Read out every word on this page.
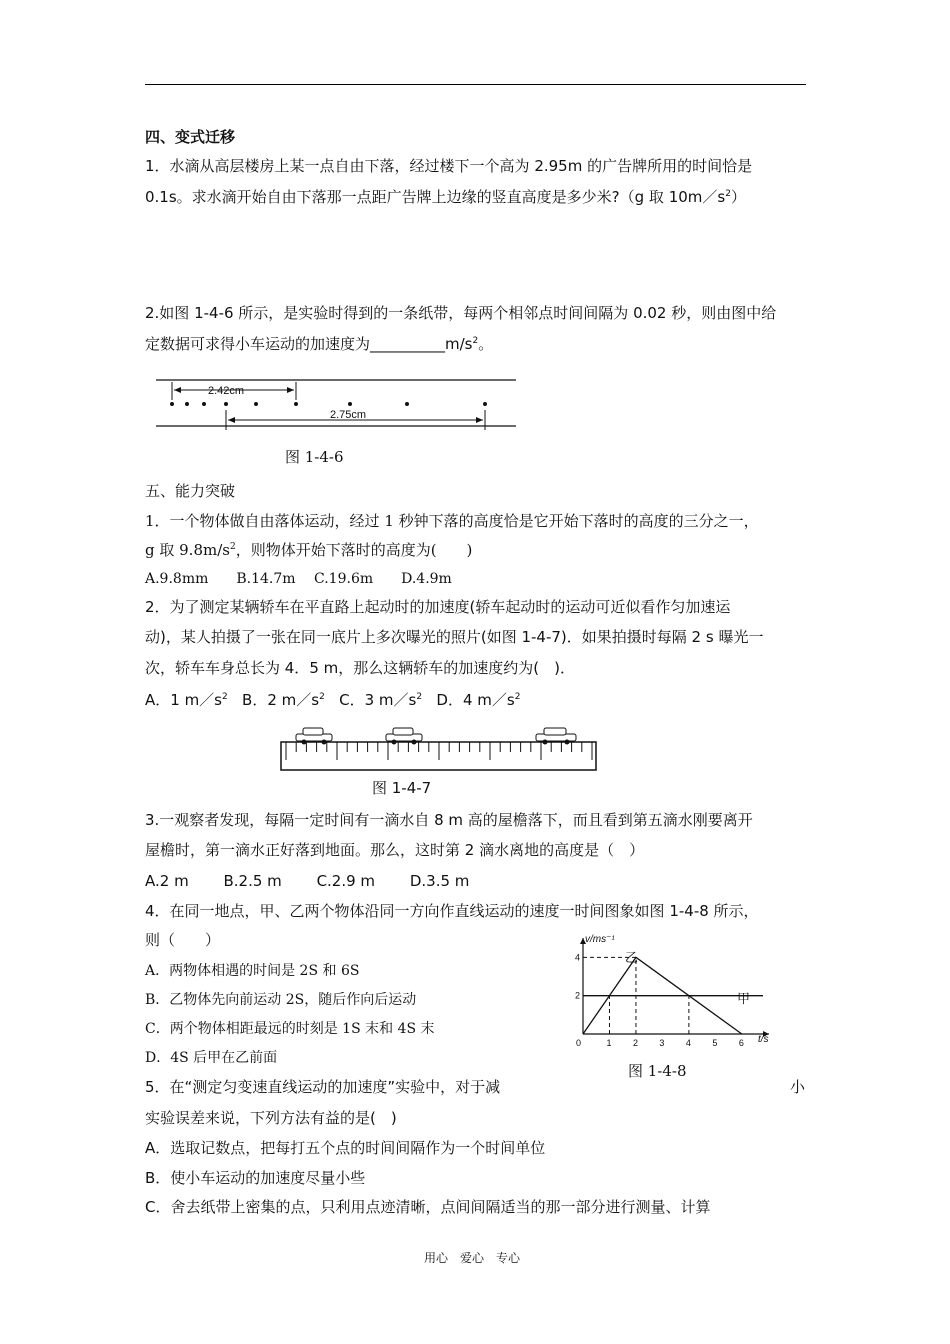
四、变式迁移
1．水滴从高层楼房上某一点自由下落，经过楼下一个高为 2.95m 的广告牌所用的时间恰是
0.1s。求水滴开始自由下落那一点距广告牌上边缘的竖直高度是多少米?（g 取 $10m/s^2$）
2.如图 1-4-6 所示，是实验时得到的一条纸带，每两个相邻点时间间隔为 0.02 秒，则由图中给
定数据可求得小车运动的加速度为$\_\_\_\_\_\_\_\_\_\_m/s^2$。
2.42cm
2.75cm
图 1-4-6
五、能力突破
1．一个物体做自由落体运动，经过 1 秒钟下落的高度恰是它开始下落时的高度的三分之一，
g 取 $9.8m/s^2$，则物体开始下落时的高度为(　　)
A.9.8mm　　B.14.7m　 C.19.6m　　D.4.9m
2．为了测定某辆轿车在平直路上起动时的加速度(轿车起动时的运动可近似看作匀加速运
动)，某人拍摄了一张在同一底片上多次曝光的照片(如图 1-4-7)．如果拍摄时每隔 2 s 曝光一
次，轿车车身总长为 4．5 m，那么这辆轿车的加速度约为(　)．
A．1 $m/s^2$ B．2 $m/s^2$ C．3 $m/s^2$ D．4 $m/s^2$
图 1-4-7
3.一观察者发现，每隔一定时间有一滴水自 8 m 高的屋檐落下，而且看到第五滴水刚要离开
屋檐时，第一滴水正好落到地面。那么，这时第 2 滴水离地的高度是（　）
A.2 m B.2.5 m C.2.9 m D.3.5 m
4．在同一地点，甲、乙两个物体沿同一方向作直线运动的速度一时间图象如图 1-4-8 所示，
则（　　）
A．两物体相遇的时间是 2S 和 6S
B．乙物体先向前运动 2S，随后作向后运动
C．两个物体相距最远的时刻是 1S 末和 4S 末
D．4S 后甲在乙前面
0	1 2 3 4 5 6
2
4
v/ms⁻¹
t/s
乙
甲
图 1-4-8
5．在“测定匀变速直线运动的加速度”实验中，对于减	小
实验误差来说，下列方法有益的是(　)
A．选取记数点，把每打五个点的时间间隔作为一个时间单位
B．使小车运动的加速度尽量小些
C．舍去纸带上密集的点，只利用点迹清晰，点间间隔适当的那一部分进行测量、计算
用心　爱心　专心
